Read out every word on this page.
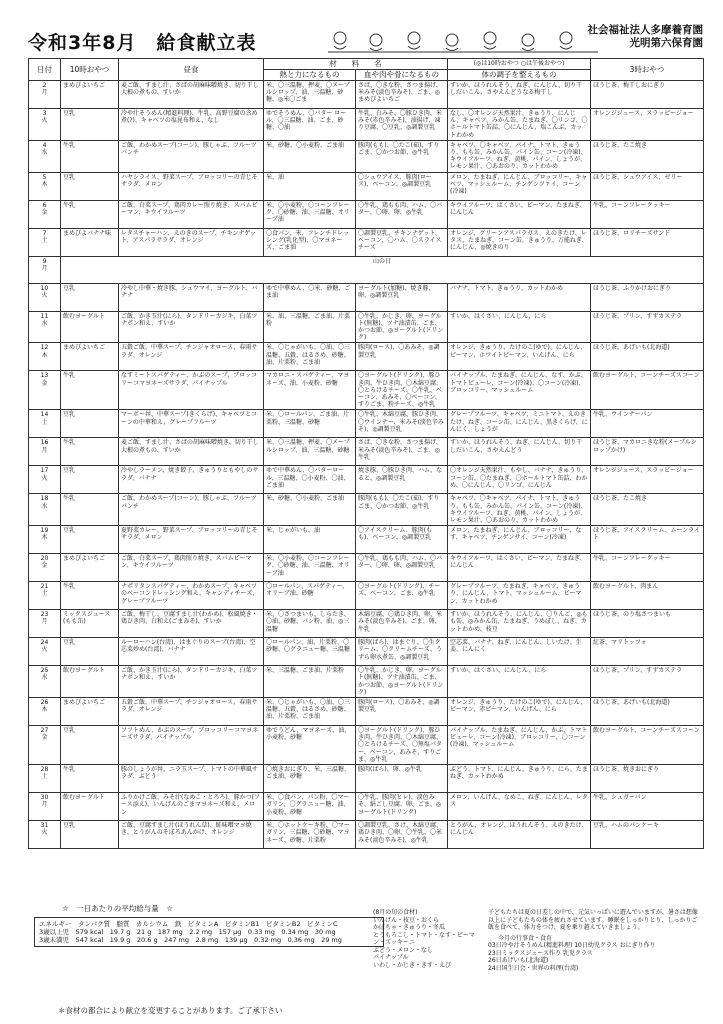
令和3年8月　給食献立表
社会福祉法人多摩養育園
光明第六保育園
日付	10時おやつ	昼食	材　　料　　名		(◎は10時おやつ ○は午後おやつ)	3時おやつ
			熱と力になるもの	血や肉や骨になるもの	体の調子を整えるもの	

2
月	まめぴよいちご	麦ご飯、すまし汁、さばの胡麻味噌焼き、切り干し大根の煮もの、すいか	米、〇三温糖、押麦、〇メープルシロップ、油、三温糖、砂糖、◎米〇ごま	さば、〇きな粉、さつま揚げ、米みそ(淡色辛みそ)、ごま、◎まめぴよいちご	すいか、ほうれんそう、ねぎ、にんじん、切り干しだいこん、さやえんどうなる梅干し	ほうじ茶、梅干しおにぎり

3
火	豆乳	冷や汁そうめん(精進料理)、牛乳、高野豆腐の含め煮(?)、キャベツの塩昆布和え、なし	ゆでそうめん、〇バター ロール、〇三温糖、油、ごま、砂糖、〇油	牛乳、白みそ、〇豚ひき肉、米みそ(赤色辛みそ)、油揚げ、凍り豆腐、〇豆乳、◎調製豆乳	なし、〇オレンジ天然果汁、きゅうり、にんじん、キャベツ、みかん缶、たまねぎ、〇リンゴ、〇ホールトマト缶詰、〇にんじん、塩こんぶ、カットわかめ	オレンジジュース、スラッピージョー

4
水	牛乳	ご飯、わかめスープ(コーン)、豚しゃぶ、フルーツパンチ	米、砂糖、〇小麦粉、ごま油	豚肉(もも)、〇たこ(茹)、すりごま、〇かつお節、◎牛乳	キャベツ、〇キャベツ、パイナ、トマト、きゅうり、もも缶、みかん缶、パイン缶、コーン(冷凍)、キウイフルーツ、ねぎ、黄桃、パイン、しょうが、レモン果汁、〇あおのり、カットわかめ	ほうじ茶、たこ焼き

5
木	豆乳	ハヤシライス、野菜スープ、ブロッコリーの青じそサラダ、メロン	米、油	〇シュウアイス、豚肉(ロース)、ベーコン、◎調製豆乳	メロン、たまねぎ、にんじん、ブロッコリー、キャベツ、マッシュルーム、チンゲンツァイ、コーン(冷凍)	ほうじ茶、シュウアイス、ゼリー

6
金	牛乳	ご飯、白菜スープ、鶏肉カレー照り焼き、スパムピーマン、キウイフルーツ	米、〇小麦粉、〇コーンフレーク、〇砂糖、油、三温糖、オリーブ油	〇牛乳、鶏もも肉、ハム、〇バター、〇卵、卵、◎牛乳	キウイフルーツ、はくさい、ピーマン、たまねぎ、にんじん	牛乳、コーンフレークッキー

7
土	まめぴよバナナ味	レタスチャーハン、えのきのスープ、チキンナゲット、アスパラサラダ、オレンジ	〇食パン、米、フレンチドレッシング(乳化型)、〇マヨネーズ、ごま油	〇調製豆乳、チキンナゲット、ベーコン、〇ハム、〇スライスチーズ	オレンジ、グリーンアスパラガス、えのきたけ、レタス、たまねぎ、コーン缶、きゅうり、万能ねぎ、にんじん、◎焼きのり	ほうじ茶、ロリチーズサンド

9
月	山の日					

10
火	豆乳	冷やし中華・焼き豚、シュウマイ、ヨーグルト、バナナ	ゆで中華めん、〇米、砂糖、ごま油	ヨーグルト(加糖)、焼き豚、卵、◎調製豆乳	バナナ、トマト、きゅうり、カットわかめ	ほうじ茶、ふりかけおにぎり

11
水	飲むヨーグルト	ご飯、かき玉汁(にら)、タンドリーカジキ、白菜ツナポン和え、すいか	米、油、三温糖、ごま油、片栗粉	〇牛乳、かじき、卵、ヨーグルト(無糖)、ツナ油漬缶、ごま、かつお節、◎ヨーグルト(ドリンク)	すいか、はくさい、にんじん、にら	ほうじ茶、プリン、すずカステラ

12
木	まめぴよいちご	五穀ご飯、中華スープ、チンジャオロース、春雨サラダ、オレンジ	米、〇じゃがいも、〇油、〇三温糖、五穀、はるさめ、砂糖、油、片栗粉、ごま油	豚肉(ロース)、〇あみそ、◎調製豆乳	オレンジ、きゅうり、たけのこ(ゆで)、にんじん、ピーマン、ホワイトピーマン、いんげん、にら	ほうじ茶、あげいも(北海道)

13
金	牛乳	なすミートスパゲティー、かぶのスープ、ブロッコリーコマヨネーズサラダ、パイナップル	マカロニ・スパゲティー、マヨネーズ、油、小麦粉、砂糖	〇ヨーグルト(ドリンク)、豚ひき肉、牛ひき肉、〇木綿豆腐、〇とろけるチーズ、〇牛乳、ベーコン、あみそ、〇ベーコン、すりごま、粉チーズ、◎牛乳	パイナップル、たまねぎ、にんじん、なす、かぶ、トマトピューレ、コーン(冷凍)、〇コーン(冷凍)、ブロッコリー、マッシュルーム	飲むヨーグルト、コーンチーズスコーン

14
土	豆乳	マーボー丼、中華スープ(きくらげ)、キャベツとコーンの中華和え、グレープフルーツ	米、〇ロールパン、ごま油、片栗粉、三温糖、砂糖	〇牛乳、木綿豆腐、豚ひき肉、〇ウインナー、米みそ(淡色辛みそ)、◎調製豆乳	グレープフルーツ、キャベツ、ミニトマト、えのきたけ、ねぎ、コーン缶、にんじん、黒きくらげ、にんにく、しょうが	牛乳、ウインナーパン

16
月	牛乳	麦ご飯、すまし汁、さばの胡麻味噌焼き、切り干し大根の煮もの、すいか	米、〇三温糖、押麦、〇メープルシロップ、油、三温糖、砂糖	さば、〇きな粉、さつま揚げ、米みそ(淡色辛みそ)、ごま、◎牛乳	すいか、ほうれんそう、ねぎ、にんじん、切り干しだいこん、さやえんどう	ほうじ茶、マカロニきな粉(メープルシロップかけ)

17
火	豆乳	冷やしラーメン、焼き餃子、きゅうりともやしのサラダ、バナナ	ゆで中華めん、〇バターロール、三温糖、〇小麦粉、〇油、ごま油	焼き豚、〇豚ひき肉、ハム、なると、◎調製豆乳	〇オレンジ天然果汁、もやし、バナナ、きゅうり、コーン缶、〇たまねぎ、〇ホールトマト缶詰、わかめ、〇にんじん、〇リンゴ、にんじん	オレンジジュース、スラッピージョー

18
水	牛乳	ご飯、わかめスープ(コーン)、豚しゃぶ、フルーツパンチ	米、砂糖、〇小麦粉、ごま油	豚肉(もも)、〇たこ(茹)、すりごま、〇かつお節、◎牛乳	キャベツ、〇キャベツ、パイナ、トマト、きゅうり、もも缶、みかん缶、パイン缶、コーン(冷凍)、キウイフルーツ、ねぎ、黄桃、パイン、しょうが、レモン果汁、〇あおのり、カットわかめ	ほうじ茶、たこ焼き

19
木	豆乳	夏野菜カレー、野菜スープ、ブロッコリーの青じそサラダ、メロン	米、じゃがいも、油	〇アイスクリーム、豚肉(もも)、ベーコン、◎調製豆乳	メロン、たまねぎ、にんじん、ブロッコリー、なす、キャベツ、チンゲンサイ、コーン(冷凍)	ほうじ茶、アイスクリーム、ムーンライト

20
金	まめぴよいちご	ご飯、白菜スープ、鶏肉照り焼き、スパムピーマン、キウイフルーツ	米、〇小麦粉、〇コーンフレーク、〇砂糖、油、三温糖、オリーブ油	〇牛乳、鶏もも肉、ハム、〇バター、〇卵、卵、◎調製豆乳	キウイフルーツ、はくさい、ピーマン、たまねぎ、にんじん	牛乳、コーンフレークッキー

21
土	牛乳	ナポリタンスパゲティー、わかめスープ、キャベツのベーコンドレッシング和え、キャンディチーズ、グレープフルーツ	〇ロールパン、スパゲティー、オリーブ油、砂糖	〇ヨーグルト(ドリンク)、チーズ、ベーコン、ごま、◎牛乳	グレープフルーツ、たまねぎ、キャベツ、きゅうり、にんじん、トマト、マッシュルーム、ピーマン、カットわかめ	飲むヨーグルト、肉まん

23
月	ミックスジュース(もも缶)	ご飯、梅干し、豆腐すまし汁(わかめ)、松風焼き・鶏ひき肉、白和え(ごまみそ)、すいか	米、〇さつまいも、しらたき、〇油、砂糖、パン粉、油、◎三温糖	木綿豆腐、〇鶏ひき肉、卵、米みそ(淡色辛みそ)、ごま、卵、牛乳	すいか、ほうれんそう、にんじん、〇りんご、◎もも缶、◎みかん缶、たまねぎ、うめぼし、ねぎ、カットわかめ、枝豆	ほうじ茶、のり塩さつまいも

24
火	豆乳	ルーローハン(台湾)、はまぐりのスープ(台湾)、空芯菜炒め(台湾)、バナナ	〇ロールパン、油、片栗粉、〇砂糖、〇グラニュー糖、三温糖	豚肉(ばら)、はまぐり、〇生クリーム、〇クリームチーズ、うずら卵水煮缶、◎調製豆乳	空芯菜、バナナ、ねぎ、にんじん、しいたけ、生姜、にんにく	紅茶、マリトッツォ

25
水	飲むヨーグルト	ご飯、かき玉汁(にら)、タンドリーカジキ、白菜ツナポン和え、すいか	米、三温糖、ごま油、片栗粉	〇牛乳、かじき、卵、ヨーグルト(無糖)、ツナ油漬缶、ごま、かつお節、◎ヨーグルト(ドリンク)	すいか、はくさい、にんじん、にら	ほうじ茶、プリン、すずカステラ

26
木	まめぴよいちご	五穀ご飯、中華スープ、チンジャオロース、春雨サラダ、オレンジ	米、〇じゃがいも、〇油、〇三温糖、五穀、はるさめ、砂糖、油、片栗粉、ごま油	豚肉(ロース)、〇あみそ、◎調製豆乳	オレンジ、きゅうり、たけのこ(ゆで)、にんじん、ピーマン、赤ピーマン、いんげん、にら	ほうじ茶、あげいも(北海道)

27
金	豆乳	ソフトめん、かぶのスープ、ブロッコリーコマヨネーズサラダ、パイナップル	ゆでうどん、マヨネーズ、油、小麦粉、砂糖	〇ヨーグルト(ドリンク)、豚ひき肉、牛ひき肉、〇木綿豆腐、〇とろけるチーズ、〇無塩バター、ベーコン、あみそ、すりごま、◎牛乳	パイナップル、たまねぎ、にんじん、かぶ、トマトピューレ、コーン(冷凍)、ブロッコリー、〇コーン(冷凍)、マッシュルーム	飲むヨーグルト、コーンチーズスコーン

28
土	牛乳	豚のしょうが丼、ニラ玉スープ、トマトの中華風サラダ、ぶどう	〇焼きおにぎり、米、三温糖、ごま油、砂糖	豚肉(ばら)、卵、◎牛乳	ぶどう、トマト、にんじん、きゅうり、にら、たまねぎ、カットわかめ	ほうじ茶、焼きおにぎり

30
月	飲むヨーグルト	ふりかけご飯、みそ汁(なめこ・とろろ)、豚かつ(ソース添え)、いんげんのごまマヨネーズ和え、メロン	米、〇食パン、パン粉、〇マーガリン、〇グラニュー糖、油、小麦粉、砂糖	〇牛乳、豚肉(ヒレ)、淡色みそ、絹ごし豆腐、卵、ごま、◎ヨーグルト(ドリンク)	メロン、いんげん、なめこ、ねぎ、にんじん、レタス	牛乳、シュガーパン

31
火	豆乳	ご飯、豆腐すまし汁(ほうれん草)、鮭味噌マヨ焼き、とうがんのそぼろあんかけ、オレンジ	米、〇ホットケーキ粉、〇マーガリン、三温糖、〇砂糖、マヨネーズ、砂糖、片栗粉	〇調製豆乳、さけ、木綿豆腐、鶏ひき肉、〇卵、〇牛乳、〇米みそ(淡色辛みそ)、◎牛乳	とうがん、オレンジ、ほうれんそう、えのきたけ、にんじん	豆乳、ハムのパンケーキ
☆　一日あたりの平均給与量　☆
エネルギー　タンパク質　脂質　カルシウム　鉄　ビタミンA　ビタミンB1　ビタミンB2　ビタミンC
3歳以上児　579 kcal　19.7 g　21 g　187 mg　2.2 mg　157 μg　0.33 mg　0.34 mg　30 mg
3歳未満児　547 kcal　19.9 g　20.6 g　247 mg　2.8 mg　139 μg　0.32 mg　0.36 mg　29 mg
(8月の旬の食材)
いんげん・枝豆・おくら
かぼちゃ・きゅうり・冬瓜
とうもろこし・トマト・なす・ピーマン・ズッキーニ
ぶどう・メロン・なし
パイナップル
いわし・かじき・きす・えび
子どもたちは夏の日差しの中で、元気いっぱいに遊んでいますが、暑さは想像以上に子どもたちの体を疲れさせています。睡眠をしっかりとり、しっかりご飯を食べて、体力をつけ、夏を乗り越えていきましょう。
今月の行事食・食育
03日冷や汁そうめん(精進料理) 10日幼児クラス おにぎり作り
23日ミックスジュース作り 乳児クラス
26日あげいも(北海道)
24日国生日会・世界の料理(台湾)
＊食材の都合により献立を変更することがあります。ご了承下さい
